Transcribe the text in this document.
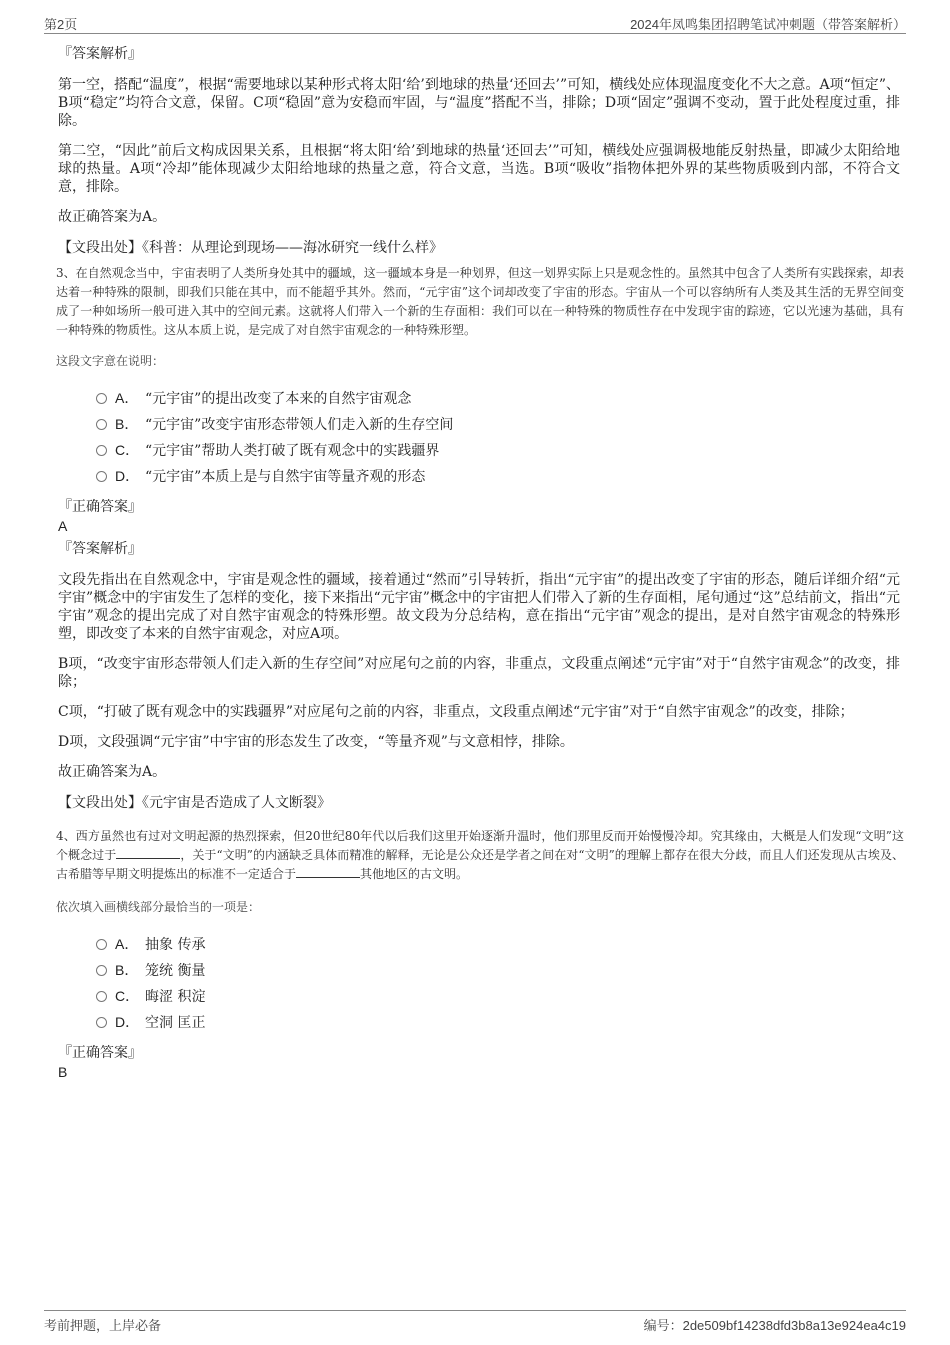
第2页	2024年凤鸣集团招聘笔试冲刺题（带答案解析）
『答案解析』

第一空，搭配“温度”，根据“需要地球以某种形式将太阳‘给’到地球的热量‘还回去’”可知，横线处应体现温度变化不大之意。A项“恒定”、B项“稳定”均符合文意，保留。C项“稳固”意为安稳而牢固，与“温度”搭配不当，排除；D项“固定”强调不变动，置于此处程度过重，排除。

第二空，“因此”前后文构成因果关系，且根据“将太阳‘给’到地球的热量‘还回去’”可知，横线处应强调极地能反射热量，即减少太阳给地球的热量。A项“冷却”能体现减少太阳给地球的热量之意，符合文意，当选。B项“吸收”指物体把外界的某些物质吸到内部，不符合文意，排除。

故正确答案为A。

【文段出处】《科普：从理论到现场——海冰研究一线什么样》

3、在自然观念当中，宇宙表明了人类所身处其中的疆域，这一疆域本身是一种划界，但这一划界实际上只是观念性的。虽然其中包含了人类所有实践探索，却表达着一种特殊的限制，即我们只能在其中，而不能超乎其外。然而，“元宇宙”这个词却改变了宇宙的形态。宇宙从一个可以容纳所有人类及其生活的无界空间变成了一种如场所一般可进入其中的空间元素。这就将人们带入一个新的生存面相：我们可以在一种特殊的物质性存在中发现宇宙的踪迹，它以光速为基础，具有一种特殊的物质性。这从本质上说，是完成了对自然宇宙观念的一种特殊形塑。

这段文字意在说明：
A． “元宇宙”的提出改变了本来的自然宇宙观念
B． “元宇宙”改变宇宙形态带领人们走入新的生存空间
C． “元宇宙”帮助人类打破了既有观念中的实践疆界
D． “元宇宙”本质上是与自然宇宙等量齐观的形态
『正确答案』
A
『答案解析』

文段先指出在自然观念中，宇宙是观念性的疆域，接着通过“然而”引导转折，指出“元宇宙”的提出改变了宇宙的形态，随后详细介绍“元宇宙”概念中的宇宙发生了怎样的变化，接下来指出“元宇宙”概念中的宇宙把人们带入了新的生存面相，尾句通过“这”总结前文，指出“元宇宙”观念的提出完成了对自然宇宙观念的特殊形塑。故文段为分总结构，意在指出“元宇宙”观念的提出，是对自然宇宙观念的特殊形塑，即改变了本来的自然宇宙观念，对应A项。

B项，“改变宇宙形态带领人们走入新的生存空间”对应尾句之前的内容，非重点，文段重点阐述“元宇宙”对于“自然宇宙观念”的改变，排除；

C项，“打破了既有观念中的实践疆界”对应尾句之前的内容，非重点，文段重点阐述“元宇宙”对于“自然宇宙观念”的改变，排除；

D项，文段强调“元宇宙”中宇宙的形态发生了改变，“等量齐观”与文意相悖，排除。

故正确答案为A。

【文段出处】《元宇宙是否造成了人文断裂》

4、西方虽然也有过对文明起源的热烈探索，但20世纪80年代以后我们这里开始逐渐升温时，他们那里反而开始慢慢冷却。究其缘由，大概是人们发现“文明”这个概念过于	，关于“文明”的内涵缺乏具体而精准的解释，无论是公众还是学者之间在对“文明”的理解上都存在很大分歧，而且人们还发现从古埃及、古希腊等早期文明提炼出的标准不一定适合于	其他地区的古文明。

依次填入画横线部分最恰当的一项是：
A． 抽象 传承
B． 笼统 衡量
C． 晦涩 积淀
D． 空洞 匡正
『正确答案』
B
考前押题，上岸必备	编号：2de509bf14238dfd3b8a13e924ea4c19
